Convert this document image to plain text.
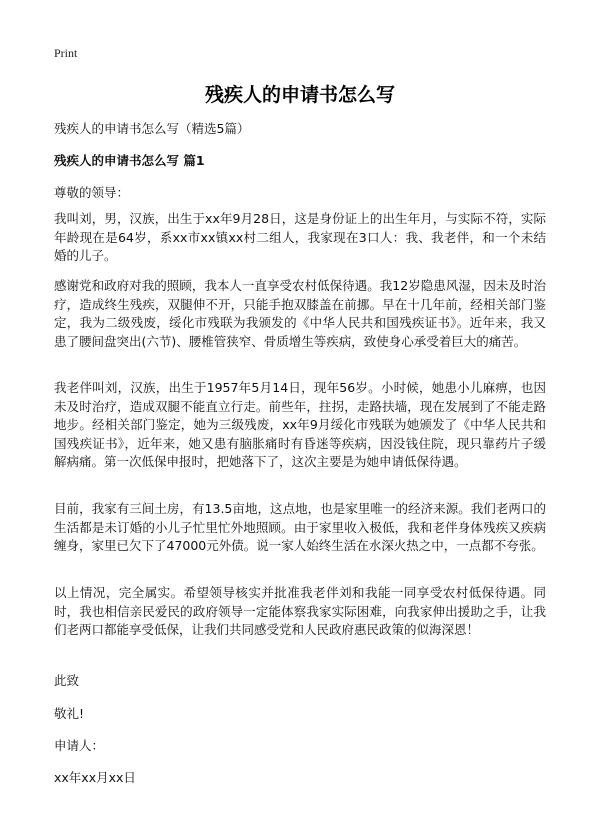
Print
残疾人的申请书怎么写
残疾人的申请书怎么写（精选5篇）
残疾人的申请书怎么写 篇1
尊敬的领导：
我叫刘，男，汉族，出生于xx年9月28日，这是身份证上的出生年月，与实际不符，实际年龄现在是64岁，系xx市xx镇xx村二组人，我家现在3口人：我、我老伴，和一个未结婚的儿子。
感谢党和政府对我的照顾，我本人一直享受农村低保待遇。我12岁隐患风湿，因未及时治疗，造成终生残疾，双腿伸不开，只能手抱双膝盖在前挪。早在十几年前，经相关部门鉴定，我为二级残废，绥化市残联为我颁发的《中华人民共和国残疾证书》。近年来，我又患了腰间盘突出(六节)、腰椎管狭窄、骨质增生等疾病，致使身心承受着巨大的痛苦。
我老伴叫刘，汉族，出生于1957年5月14日，现年56岁。小时候，她患小儿麻痹，也因未及时治疗，造成双腿不能直立行走。前些年，拄拐，走路扶墙，现在发展到了不能走路地步。经相关部门鉴定，她为三级残废，xx年9月绥化市残联为她颁发了《中华人民共和国残疾证书》，近年来，她又患有脑胀痛时有昏迷等疾病，因没钱住院，现只靠药片子缓解病痛。第一次低保申报时，把她落下了，这次主要是为她申请低保待遇。
目前，我家有三间土房，有13.5亩地，这点地，也是家里唯一的经济来源。我们老两口的生活都是未订婚的小儿子忙里忙外地照顾。由于家里收入极低，我和老伴身体残疾又疾病缠身，家里已欠下了47000元外债。说一家人始终生活在水深火热之中，一点都不夸张。
以上情况，完全属实。希望领导核实并批准我老伴刘和我能一同享受农村低保待遇。同时，我也相信亲民爱民的政府领导一定能体察我家实际困难，向我家伸出援助之手，让我们老两口都能享受低保，让我们共同感受党和人民政府惠民政策的似海深恩！
此致
敬礼!
申请人：
xx年xx月xx日
